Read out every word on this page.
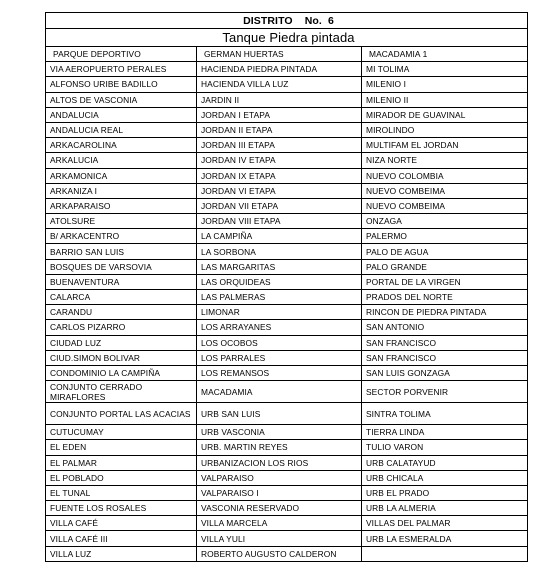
DISTRITO    No.  6		
Tanque Piedra pintada		
PARQUE DEPORTIVO	GERMAN HUERTAS	MACADAMIA 1
VIA AEROPUERTO PERALES	HACIENDA PIEDRA PINTADA	MI TOLIMA
ALFONSO URIBE BADILLO	HACIENDA VILLA LUZ	MILENIO I
ALTOS DE VASCONIA	JARDIN II	MILENIO II
ANDALUCIA	JORDAN I ETAPA	MIRADOR DE GUAVINAL
ANDALUCIA REAL	JORDAN II ETAPA	MIROLINDO
ARKACAROLINA	JORDAN III ETAPA	MULTIFAM EL JORDAN
ARKALUCIA	JORDAN IV ETAPA	NIZA NORTE
ARKAMONICA	JORDAN IX ETAPA	NUEVO COLOMBIA
ARKANIZA I	JORDAN VI ETAPA	NUEVO COMBEIMA
ARKAPARAISO	JORDAN VII ETAPA	NUEVO COMBEIMA
ATOLSURE	JORDAN VIII ETAPA	ONZAGA
B/ ARKACENTRO	LA CAMPIÑA	PALERMO
BARRIO SAN LUIS	LA SORBONA	PALO DE AGUA
BOSQUES DE VARSOVIA	LAS MARGARITAS	PALO GRANDE
BUENAVENTURA	LAS ORQUIDEAS	PORTAL DE LA VIRGEN
CALARCA	LAS PALMERAS	PRADOS DEL NORTE
CARANDU	LIMONAR	RINCON DE PIEDRA PINTADA
CARLOS PIZARRO	LOS ARRAYANES	SAN ANTONIO
CIUDAD LUZ	LOS OCOBOS	SAN FRANCISCO
CIUD.SIMON BOLIVAR	LOS PARRALES	SAN FRANCISCO
CONDOMINIO LA CAMPIÑA	LOS REMANSOS	SAN LUIS GONZAGA
CONJUNTO CERRADO MIRAFLORES	MACADAMIA	SECTOR PORVENIR
CONJUNTO PORTAL LAS ACACIAS	URB SAN LUIS	SINTRA TOLIMA
CUTUCUMAY	URB VASCONIA	TIERRA LINDA
EL EDEN	URB. MARTIN REYES	TULIO VARON
EL PALMAR	URBANIZACION LOS RIOS	URB CALATAYUD
EL POBLADO	VALPARAISO	URB CHICALA
EL TUNAL	VALPARAISO I	URB EL PRADO
FUENTE LOS ROSALES	VASCONIA RESERVADO	URB LA ALMERIA
VILLA CAFÉ	VILLA MARCELA	VILLAS DEL PALMAR
VILLA CAFÉ III	VILLA YULI	URB LA ESMERALDA
VILLA LUZ	ROBERTO AUGUSTO CALDERON	
